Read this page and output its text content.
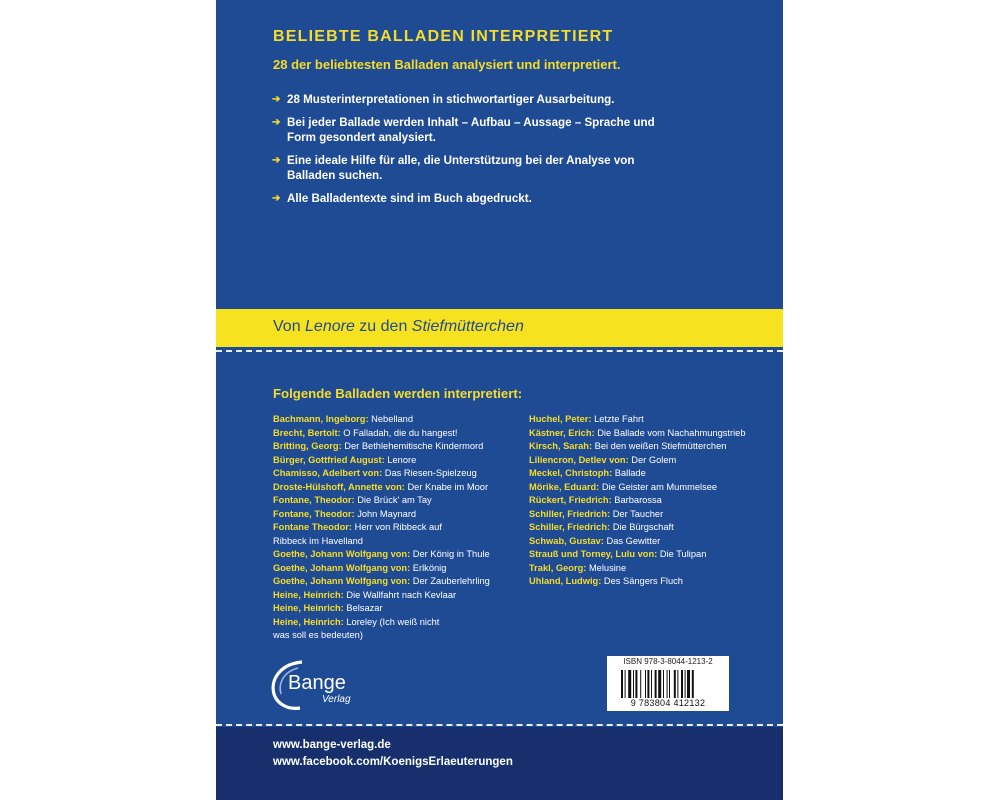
BELIEBTE BALLADEN INTERPRETIERT

28 der beliebtesten Balladen analysiert und interpretiert.

➔ 28 Musterinterpretationen in stichwortartiger Ausarbeitung.
➔ Bei jeder Ballade werden Inhalt – Aufbau – Aussage – Sprache und Form gesondert analysiert.
➔ Eine ideale Hilfe für alle, die Unterstützung bei der Analyse von Balladen suchen.
➔ Alle Balladentexte sind im Buch abgedruckt.
Von Lenore zu den Stiefmütterchen
Folgende Balladen werden interpretiert:
Bachmann, Ingeborg: Nebelland
Brecht, Bertolt: O Falladah, die du hangest!
Britting, Georg: Der Bethlehemitische Kindermord
Bürger, Gottfried August: Lenore
Chamisso, Adelbert von: Das Riesen-Spielzeug
Droste-Hülshoff, Annette von: Der Knabe im Moor
Fontane, Theodor: Die Brück' am Tay
Fontane, Theodor: John Maynard
Fontane Theodor: Herr von Ribbeck auf
Ribbeck im Havelland
Goethe, Johann Wolfgang von: Der König in Thule
Goethe, Johann Wolfgang von: Erlkönig
Goethe, Johann Wolfgang von: Der Zauberlehrling
Heine, Heinrich: Die Wallfahrt nach Kevlaar
Heine, Heinrich: Belsazar
Heine, Heinrich: Loreley (Ich weiß nicht
was soll es bedeuten)
Huchel, Peter: Letzte Fahrt
Kästner, Erich: Die Ballade vom Nachahmungstrieb
Kirsch, Sarah: Bei den weißen Stiefmütterchen
Liliencron, Detlev von: Der Golem
Meckel, Christoph: Ballade
Mörike, Eduard: Die Geister am Mummelsee
Rückert, Friedrich: Barbarossa
Schiller, Friedrich: Der Taucher
Schiller, Friedrich: Die Bürgschaft
Schwab, Gustav: Das Gewitter
Strauß und Torney, Lulu von: Die Tulipan
Trakl, Georg: Melusine
Uhland, Ludwig: Des Sängers Fluch
Bange
Verlag
ISBN 978-3-8044-1213-2
9 783804 412132
www.bange-verlag.de
www.facebook.com/KoenigsErlaeuterungen
